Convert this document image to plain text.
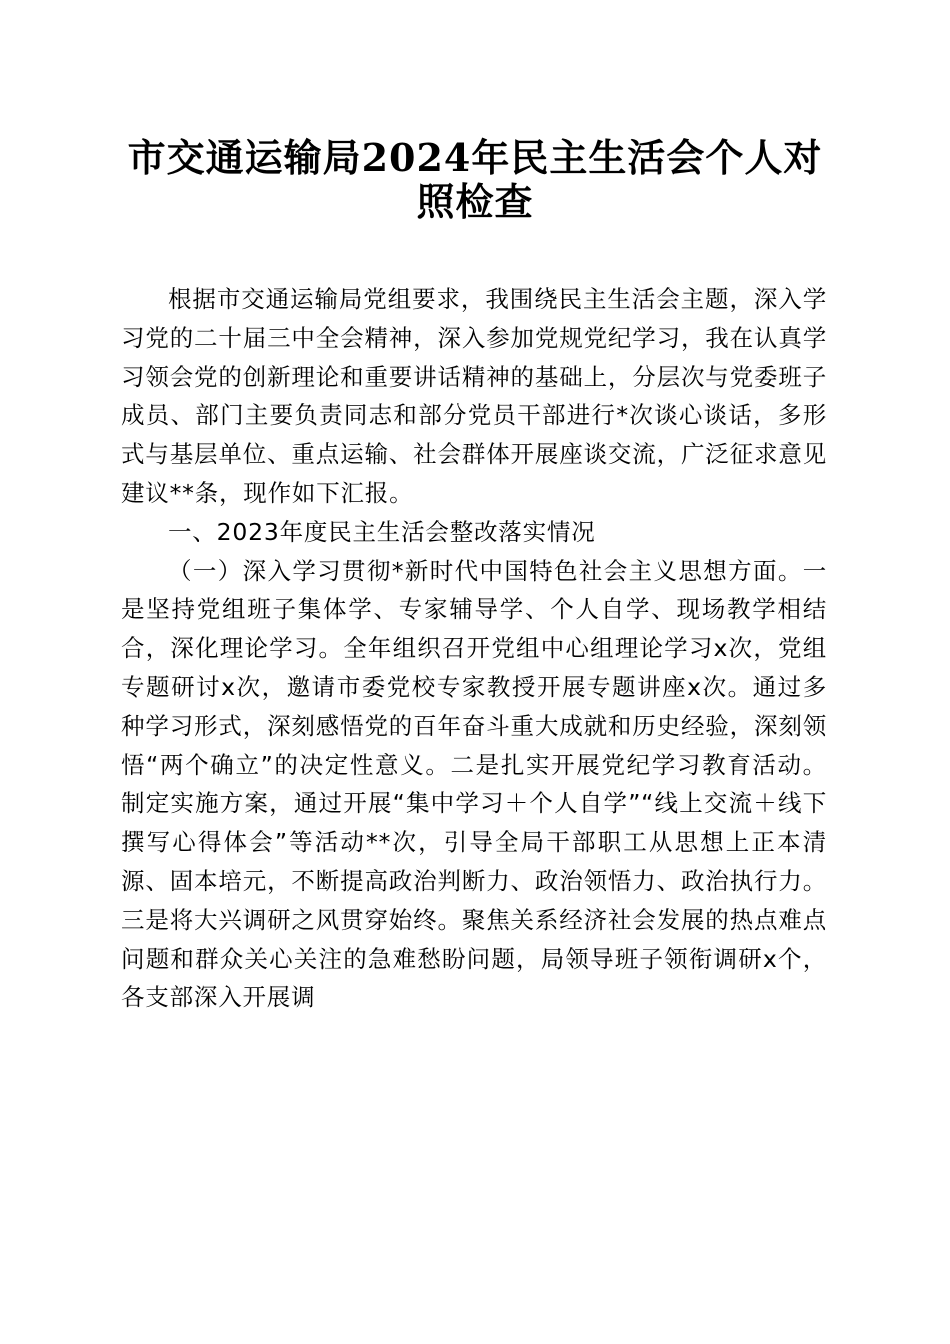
市交通运输局2024年民主生活会个人对照检查

根据市交通运输局党组要求，我围绕民主生活会主题，深入学习党的二十届三中全会精神，深入参加党规党纪学习，我在认真学习领会党的创新理论和重要讲话精神的基础上，分层次与党委班子成员、部门主要负责同志和部分党员干部进行*次谈心谈话，多形式与基层单位、重点运输、社会群体开展座谈交流，广泛征求意见建议**条，现作如下汇报。

一、2023年度民主生活会整改落实情况

（一）深入学习贯彻*新时代中国特色社会主义思想方面。一是坚持党组班子集体学、专家辅导学、个人自学、现场教学相结合，深化理论学习。全年组织召开党组中心组理论学习x次，党组专题研讨x次，邀请市委党校专家教授开展专题讲座x次。通过多种学习形式，深刻感悟党的百年奋斗重大成就和历史经验，深刻领悟“两个确立”的决定性意义。二是扎实开展党纪学习教育活动。制定实施方案，通过开展“集中学习＋个人自学”“线上交流＋线下撰写心得体会”等活动**次，引导全局干部职工从思想上正本清源、固本培元，不断提高政治判断力、政治领悟力、政治执行力。三是将大兴调研之风贯穿始终。聚焦关系经济社会发展的热点难点问题和群众关心关注的急难愁盼问题，局领导班子领衔调研x个，各支部深入开展调
